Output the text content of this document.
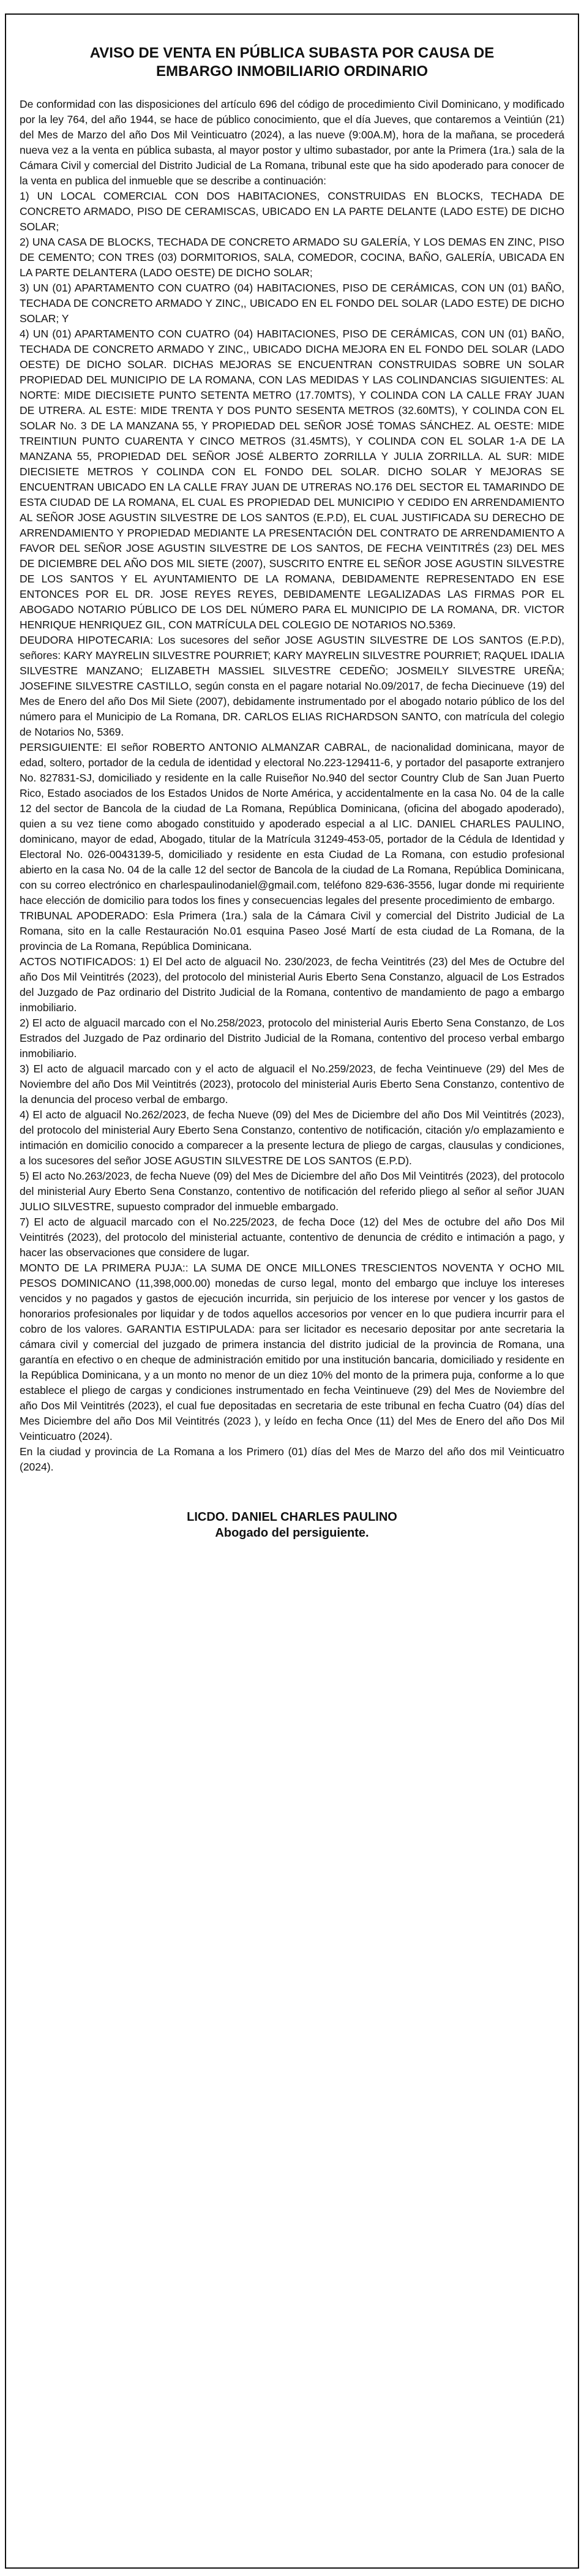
AVISO DE VENTA EN PÚBLICA SUBASTA POR CAUSA DE
EMBARGO INMOBILIARIO ORDINARIO

De conformidad con las disposiciones del artículo 696 del código de procedimiento Civil Dominicano, y modificado por la ley 764, del año 1944, se hace de público conocimiento, que el día Jueves, que contaremos a Veintiún (21) del Mes de Marzo del año Dos Mil Veinticuatro (2024), a las nueve (9:00A.M), hora de la mañana, se procederá nueva vez a la venta en pública subasta, al mayor postor y ultimo subastador, por ante la Primera (1ra.) sala de la Cámara Civil y comercial del Distrito Judicial de La Romana, tribunal este que ha sido apoderado para conocer de la venta en publica del inmueble que se describe a continuación:

1) UN LOCAL COMERCIAL CON DOS HABITACIONES, CONSTRUIDAS EN BLOCKS, TECHADA DE CONCRETO ARMADO, PISO DE CERAMISCAS, UBICADO EN LA PARTE DELANTE (LADO ESTE) DE DICHO SOLAR;

2) UNA CASA DE BLOCKS, TECHADA DE CONCRETO ARMADO SU GALERÍA, Y LOS DEMAS EN ZINC, PISO DE CEMENTO; CON TRES (03) DORMITORIOS, SALA, COMEDOR, COCINA, BAÑO, GALERÍA, UBICADA EN LA PARTE DELANTERA (LADO OESTE) DE DICHO SOLAR;

3) UN (01) APARTAMENTO CON CUATRO (04) HABITACIONES, PISO DE CERÁMICAS, CON UN (01) BAÑO, TECHADA DE CONCRETO ARMADO Y ZINC,, UBICADO EN EL FONDO DEL SOLAR (LADO ESTE) DE DICHO SOLAR; Y

4) UN (01) APARTAMENTO CON CUATRO (04) HABITACIONES, PISO DE CERÁMICAS, CON UN (01) BAÑO, TECHADA DE CONCRETO ARMADO Y ZINC,, UBICADO DICHA MEJORA EN EL FONDO DEL SOLAR (LADO OESTE) DE DICHO SOLAR. DICHAS MEJORAS SE ENCUENTRAN CONSTRUIDAS SOBRE UN SOLAR PROPIEDAD DEL MUNICIPIO DE LA ROMANA, CON LAS MEDIDAS Y LAS COLINDANCIAS SIGUIENTES: AL NORTE: MIDE DIECISIETE PUNTO SETENTA METRO (17.70MTS), Y COLINDA CON LA CALLE FRAY JUAN DE UTRERA. AL ESTE: MIDE TRENTA Y DOS PUNTO SESENTA METROS (32.60MTS), Y COLINDA CON EL SOLAR No. 3 DE LA MANZANA 55, Y PROPIEDAD DEL SEÑOR JOSÉ TOMAS SÁNCHEZ. AL OESTE: MIDE TREINTIUN PUNTO CUARENTA Y CINCO METROS (31.45MTS), Y COLINDA CON EL SOLAR 1-A DE LA MANZANA 55, PROPIEDAD DEL SEÑOR JOSÉ ALBERTO ZORRILLA Y JULIA ZORRILLA. AL SUR: MIDE DIECISIETE METROS Y COLINDA CON EL FONDO DEL SOLAR. DICHO SOLAR Y MEJORAS SE ENCUENTRAN UBICADO EN LA CALLE FRAY JUAN DE UTRERAS NO.176 DEL SECTOR EL TAMARINDO DE ESTA CIUDAD DE LA ROMANA, EL CUAL ES PROPIEDAD DEL MUNICIPIO Y CEDIDO EN ARRENDAMIENTO AL SEÑOR JOSE AGUSTIN SILVESTRE DE LOS SANTOS (E.P.D), EL CUAL JUSTIFICADA SU DERECHO DE ARRENDAMIENTO Y PROPIEDAD MEDIANTE LA PRESENTACIÓN DEL CONTRATO DE ARRENDAMIENTO A FAVOR DEL SEÑOR JOSE AGUSTIN SILVESTRE DE LOS SANTOS, DE FECHA VEINTITRÉS (23) DEL MES DE DICIEMBRE DEL AÑO DOS MIL SIETE (2007), SUSCRITO ENTRE EL SEÑOR JOSE AGUSTIN SILVESTRE DE LOS SANTOS Y EL AYUNTAMIENTO DE LA ROMANA, DEBIDAMENTE REPRESENTADO EN ESE ENTONCES POR EL DR. JOSE REYES REYES, DEBIDAMENTE LEGALIZADAS LAS FIRMAS POR EL ABOGADO NOTARIO PÚBLICO DE LOS DEL NÚMERO PARA EL MUNICIPIO DE LA ROMANA, DR. VICTOR HENRIQUE HENRIQUEZ GIL, CON MATRÍCULA DEL COLEGIO DE NOTARIOS NO.5369.

DEUDORA HIPOTECARIA: Los sucesores del señor JOSE AGUSTIN SILVESTRE DE LOS SANTOS (E.P.D), señores: KARY MAYRELIN SILVESTRE POURRIET; KARY MAYRELIN SILVESTRE POURRIET; RAQUEL IDALIA SILVESTRE MANZANO; ELIZABETH MASSIEL SILVESTRE CEDEÑO; JOSMEILY SILVESTRE UREÑA; JOSEFINE SILVESTRE CASTILLO, según consta en el pagare notarial No.09/2017, de fecha Diecinueve (19) del Mes de Enero del año Dos Mil Siete (2007), debidamente instrumentado por el abogado notario público de los del número para el Municipio de La Romana, DR. CARLOS ELIAS RICHARDSON SANTO, con matrícula del colegio de Notarios No, 5369.

PERSIGUIENTE: El señor ROBERTO ANTONIO ALMANZAR CABRAL, de nacionalidad dominicana, mayor de edad, soltero, portador de la cedula de identidad y electoral No.223-129411-6, y portador del pasaporte extranjero No. 827831-SJ, domiciliado y residente en la calle Ruiseñor No.940 del sector Country Club de San Juan Puerto Rico, Estado asociados de los Estados Unidos de Norte América, y accidentalmente en la casa No. 04 de la calle 12 del sector de Bancola de la ciudad de La Romana, República Dominicana, (oficina del abogado apoderado), quien a su vez tiene como abogado constituido y apoderado especial a al LIC. DANIEL CHARLES PAULINO, dominicano, mayor de edad, Abogado, titular de la Matrícula 31249-453-05, portador de la Cédula de Identidad y Electoral No. 026-0043139-5, domiciliado y residente en esta Ciudad de La Romana, con estudio profesional abierto en la casa No. 04 de la calle 12 del sector de Bancola de la ciudad de La Romana, República Dominicana, con su correo electrónico en charlespaulinodaniel@gmail.com, teléfono 829-636-3556, lugar donde mi requiriente hace elección de domicilio para todos los fines y consecuencias legales del presente procedimiento de embargo.

TRIBUNAL APODERADO: Esla Primera (1ra.) sala de la Cámara Civil y comercial del Distrito Judicial de La Romana, sito en la calle Restauración No.01 esquina Paseo José Martí de esta ciudad de La Romana, de la provincia de La Romana, República Dominicana.

ACTOS NOTIFICADOS: 1) El Del acto de alguacil No. 230/2023, de fecha Veintitrés (23) del Mes de Octubre del año Dos Mil Veintitrés (2023), del protocolo del ministerial Auris Eberto Sena Constanzo, alguacil de Los Estrados del Juzgado de Paz ordinario del Distrito Judicial de la Romana, contentivo de mandamiento de pago a embargo inmobiliario.

2) El acto de alguacil marcado con el No.258/2023, protocolo del ministerial Auris Eberto Sena Constanzo, de Los Estrados del Juzgado de Paz ordinario del Distrito Judicial de la Romana, contentivo del proceso verbal embargo inmobiliario.

3) El acto de alguacil marcado con y el acto de alguacil el No.259/2023, de fecha Veintinueve (29) del Mes de Noviembre del año Dos Mil Veintitrés (2023), protocolo del ministerial Auris Eberto Sena Constanzo, contentivo de la denuncia del proceso verbal de embargo.

4) El acto de alguacil No.262/2023, de fecha Nueve (09) del Mes de Diciembre del año Dos Mil Veintitrés (2023), del protocolo del ministerial Aury Eberto Sena Constanzo, contentivo de notificación, citación y/o emplazamiento e intimación en domicilio conocido a comparecer a la presente lectura de pliego de cargas, clausulas y condiciones, a los sucesores del señor JOSE AGUSTIN SILVESTRE DE LOS SANTOS (E.P.D).

5) El acto No.263/2023, de fecha Nueve (09) del Mes de Diciembre del año Dos Mil Veintitrés (2023), del protocolo del ministerial Aury Eberto Sena Constanzo, contentivo de notificación del referido pliego al señor al señor JUAN JULIO SILVESTRE, supuesto comprador del inmueble embargado.

7) El acto de alguacil marcado con el No.225/2023, de fecha Doce (12) del Mes de octubre del año Dos Mil Veintitrés (2023), del protocolo del ministerial actuante, contentivo de denuncia de crédito e intimación a pago, y hacer las observaciones que considere de lugar.

MONTO DE LA PRIMERA PUJA:: LA SUMA DE ONCE MILLONES TRESCIENTOS NOVENTA Y OCHO MIL PESOS DOMINICANO (11,398,000.00) monedas de curso legal, monto del embargo que incluye los intereses vencidos y no pagados y gastos de ejecución incurrida, sin perjuicio de los interese por vencer y los gastos de honorarios profesionales por liquidar y de todos aquellos accesorios por vencer en lo que pudiera incurrir para el cobro de los valores. GARANTIA ESTIPULADA: para ser licitador es necesario depositar por ante secretaria la cámara civil y comercial del juzgado de primera instancia del distrito judicial de la provincia de Romana, una garantía en efectivo o en cheque de administración emitido por una institución bancaria, domiciliado y residente en la República Dominicana, y a un monto no menor de un diez 10% del monto de la primera puja, conforme a lo que establece el pliego de cargas y condiciones instrumentado en fecha Veintinueve (29) del Mes de Noviembre del año Dos Mil Veintitrés (2023), el cual fue depositadas en secretaria de este tribunal en fecha Cuatro (04) días del Mes Diciembre del año Dos Mil Veintitrés (2023 ), y leído en fecha Once (11) del Mes de Enero del año Dos Mil Veinticuatro (2024).

En la ciudad y provincia de La Romana a los Primero (01) días del Mes de Marzo del año dos mil Veinticuatro (2024).

LICDO. DANIEL CHARLES PAULINO
Abogado del persiguiente.
